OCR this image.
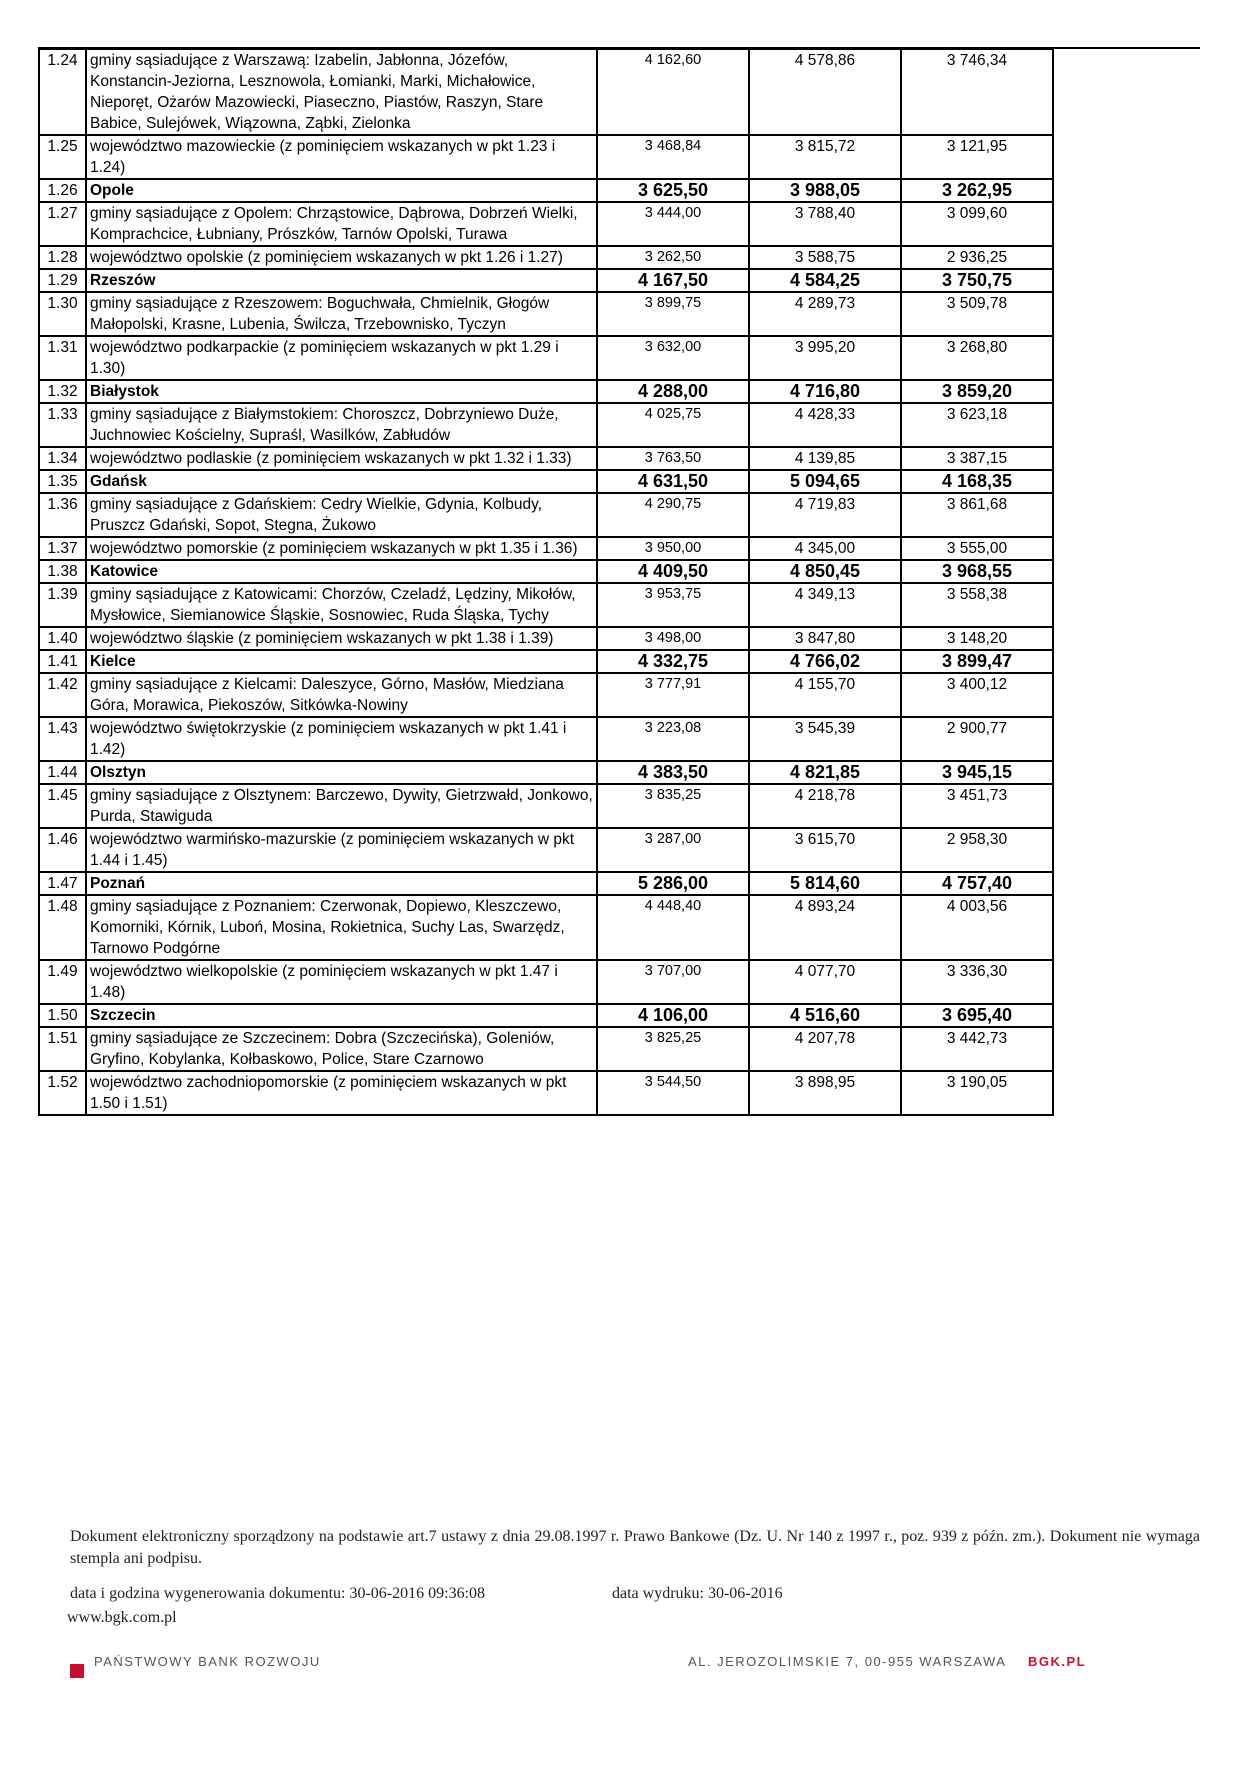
1.24	gminy sąsiadujące z Warszawą: Izabelin, Jabłonna, Józefów, Konstancin-Jeziorna, Lesznowola, Łomianki, Marki, Michałowice, Nieporęt, Ożarów Mazowiecki, Piaseczno, Piastów, Raszyn, Stare Babice, Sulejówek, Wiązowna, Ząbki, Zielonka	4 162,60	4 578,86	3 746,34
1.25	województwo mazowieckie (z pominięciem wskazanych w pkt 1.23 i 1.24)	3 468,84	3 815,72	3 121,95
1.26	Opole	3 625,50	3 988,05	3 262,95
1.27	gminy sąsiadujące z Opolem: Chrząstowice, Dąbrowa, Dobrzeń Wielki, Komprachcice, Łubniany, Prószków, Tarnów Opolski, Turawa	3 444,00	3 788,40	3 099,60
1.28	województwo opolskie (z pominięciem wskazanych w pkt 1.26 i 1.27)	3 262,50	3 588,75	2 936,25
1.29	Rzeszów	4 167,50	4 584,25	3 750,75
1.30	gminy sąsiadujące z Rzeszowem: Boguchwała, Chmielnik, Głogów Małopolski, Krasne, Lubenia, Świlcza, Trzebownisko, Tyczyn	3 899,75	4 289,73	3 509,78
1.31	województwo podkarpackie (z pominięciem wskazanych w pkt 1.29 i 1.30)	3 632,00	3 995,20	3 268,80
1.32	Białystok	4 288,00	4 716,80	3 859,20
1.33	gminy sąsiadujące z Białymstokiem: Choroszcz, Dobrzyniewo Duże, Juchnowiec Kościelny, Supraśl, Wasilków, Zabłudów	4 025,75	4 428,33	3 623,18
1.34	województwo podlaskie (z pominięciem wskazanych w pkt 1.32 i 1.33)	3 763,50	4 139,85	3 387,15
1.35	Gdańsk	4 631,50	5 094,65	4 168,35
1.36	gminy sąsiadujące z Gdańskiem: Cedry Wielkie, Gdynia, Kolbudy, Pruszcz Gdański, Sopot, Stegna, Żukowo	4 290,75	4 719,83	3 861,68
1.37	województwo pomorskie (z pominięciem wskazanych w pkt 1.35 i 1.36)	3 950,00	4 345,00	3 555,00
1.38	Katowice	4 409,50	4 850,45	3 968,55
1.39	gminy sąsiadujące z Katowicami: Chorzów, Czeladź, Lędziny, Mikołów, Mysłowice, Siemianowice Śląskie, Sosnowiec, Ruda Śląska, Tychy	3 953,75	4 349,13	3 558,38
1.40	województwo śląskie (z pominięciem wskazanych w pkt 1.38 i 1.39)	3 498,00	3 847,80	3 148,20
1.41	Kielce	4 332,75	4 766,02	3 899,47
1.42	gminy sąsiadujące z Kielcami: Daleszyce, Górno, Masłów, Miedziana Góra, Morawica, Piekoszów, Sitkówka-Nowiny	3 777,91	4 155,70	3 400,12
1.43	województwo świętokrzyskie (z pominięciem wskazanych w pkt 1.41 i 1.42)	3 223,08	3 545,39	2 900,77
1.44	Olsztyn	4 383,50	4 821,85	3 945,15
1.45	gminy sąsiadujące z Olsztynem: Barczewo, Dywity, Gietrzwałd, Jonkowo, Purda, Stawiguda	3 835,25	4 218,78	3 451,73
1.46	województwo warmińsko-mazurskie (z pominięciem wskazanych w pkt 1.44 i 1.45)	3 287,00	3 615,70	2 958,30
1.47	Poznań	5 286,00	5 814,60	4 757,40
1.48	gminy sąsiadujące z Poznaniem: Czerwonak, Dopiewo, Kleszczewo, Komorniki, Kórnik, Luboń, Mosina, Rokietnica, Suchy Las, Swarzędz, Tarnowo Podgórne	4 448,40	4 893,24	4 003,56
1.49	województwo wielkopolskie (z pominięciem wskazanych w pkt 1.47 i 1.48)	3 707,00	4 077,70	3 336,30
1.50	Szczecin	4 106,00	4 516,60	3 695,40
1.51	gminy sąsiadujące ze Szczecinem: Dobra (Szczecińska), Goleniów, Gryfino, Kobylanka, Kołbaskowo, Police, Stare Czarnowo	3 825,25	4 207,78	3 442,73
1.52	województwo zachodniopomorskie (z pominięciem wskazanych w pkt 1.50 i 1.51)	3 544,50	3 898,95	3 190,05
Dokument elektroniczny sporządzony na podstawie art.7 ustawy z dnia 29.08.1997 r. Prawo Bankowe (Dz. U. Nr 140 z 1997 r., poz. 939 z późn. zm.). Dokument nie wymaga stempla ani podpisu.
data i godzina wygenerowania dokumentu: 30-06-2016 09:36:08	data wydruku: 30-06-2016
www.bgk.com.pl
PAŃSTWOWY BANK ROZWOJU	AL. JEROZOLIMSKIE 7, 00-955 WARSZAWA BGK.PL
